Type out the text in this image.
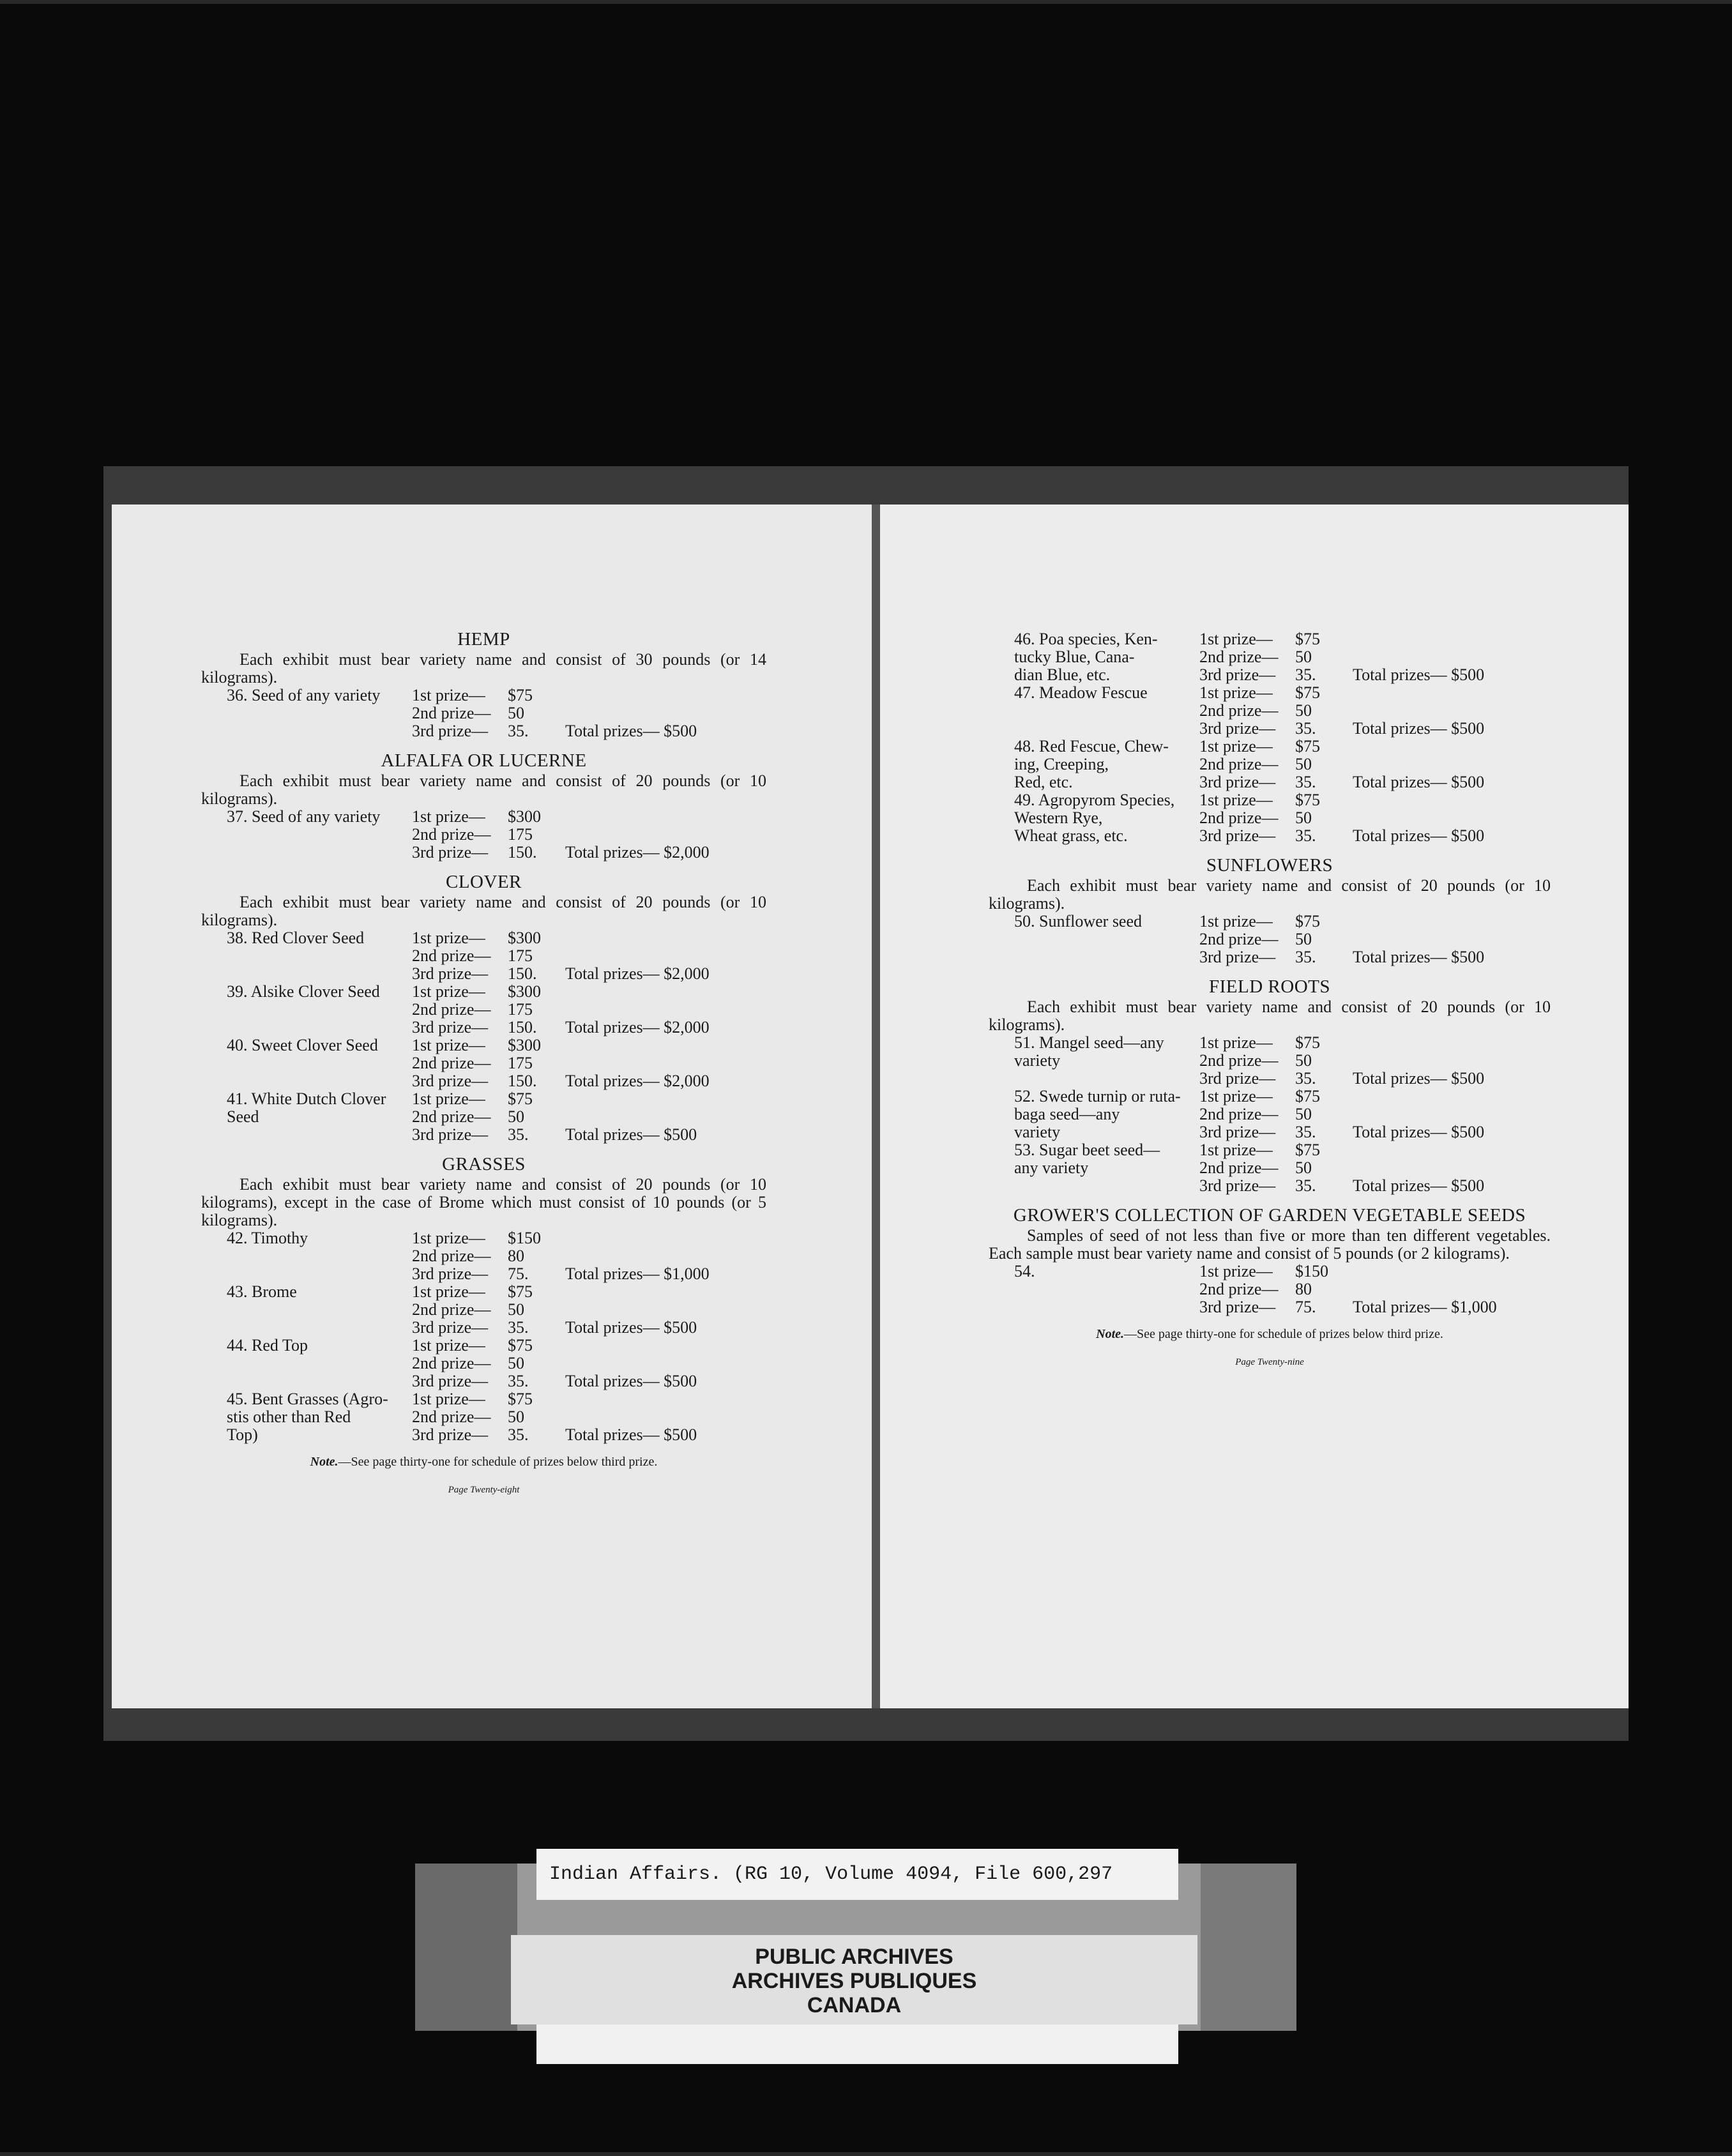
HEMP
Each exhibit must bear variety name and consist of 30 pounds (or 14 kilograms).
36. Seed of any variety	1st prize—	$75
2nd prize—	50
3rd prize—	35.	Total prizes— $500
ALFALFA OR LUCERNE
Each exhibit must bear variety name and consist of 20 pounds (or 10 kilograms).
37. Seed of any variety	1st prize—	$300
2nd prize—	175
3rd prize—	150.	Total prizes— $2,000
CLOVER
Each exhibit must bear variety name and consist of 20 pounds (or 10 kilograms).
38. Red Clover Seed	1st prize—	$300
2nd prize—	175
3rd prize—	150.	Total prizes— $2,000
39. Alsike Clover Seed	1st prize—	$300
2nd prize—	175
3rd prize—	150.	Total prizes— $2,000
40. Sweet Clover Seed	1st prize—	$300
2nd prize—	175
3rd prize—	150.	Total prizes— $2,000
41. White Dutch Clover	1st prize—	$75
Seed	2nd prize—	50
3rd prize—	35.	Total prizes— $500
GRASSES
Each exhibit must bear variety name and consist of 20 pounds (or 10 kilograms), except in the case of Brome which must consist of 10 pounds (or 5 kilograms).
42. Timothy	1st prize—	$150
2nd prize—	80
3rd prize—	75.	Total prizes— $1,000
43. Brome	1st prize—	$75
2nd prize—	50
3rd prize—	35.	Total prizes— $500
44. Red Top	1st prize—	$75
2nd prize—	50
3rd prize—	35.	Total prizes— $500
45. Bent Grasses (Agro-	1st prize—	$75
stis other than Red	2nd prize—	50
Top)	3rd prize—	35.	Total prizes— $500
Note.—See page thirty-one for schedule of prizes below third prize.
Page Twenty-eight
46. Poa species, Ken-	1st prize—	$75
tucky Blue, Cana-	2nd prize—	50
dian Blue, etc.	3rd prize—	35.	Total prizes— $500
47. Meadow Fescue	1st prize—	$75
2nd prize—	50
3rd prize—	35.	Total prizes— $500
48. Red Fescue, Chew-	1st prize—	$75
ing, Creeping,	2nd prize—	50
Red, etc.	3rd prize—	35.	Total prizes— $500
49. Agropyrom Species,	1st prize—	$75
Western Rye,	2nd prize—	50
Wheat grass, etc.	3rd prize—	35.	Total prizes— $500
SUNFLOWERS
Each exhibit must bear variety name and consist of 20 pounds (or 10 kilograms).
50. Sunflower seed	1st prize—	$75
2nd prize—	50
3rd prize—	35.	Total prizes— $500
FIELD ROOTS
Each exhibit must bear variety name and consist of 20 pounds (or 10 kilograms).
51. Mangel seed—any	1st prize—	$75
variety	2nd prize—	50
3rd prize—	35.	Total prizes— $500
52. Swede turnip or ruta-	1st prize—	$75
baga seed—any	2nd prize—	50
variety	3rd prize—	35.	Total prizes— $500
53. Sugar beet seed—	1st prize—	$75
any variety	2nd prize—	50
3rd prize—	35.	Total prizes— $500
GROWER'S COLLECTION OF GARDEN VEGETABLE SEEDS
Samples of seed of not less than five or more than ten different vegetables. Each sample must bear variety name and consist of 5 pounds (or 2 kilograms).
54.	1st prize—	$150
2nd prize—	80
3rd prize—	75.	Total prizes— $1,000
Note.—See page thirty-one for schedule of prizes below third prize.
Page Twenty-nine
Indian Affairs. (RG 10, Volume 4094, File 600,297
PUBLIC ARCHIVES
ARCHIVES PUBLIQUES
CANADA
